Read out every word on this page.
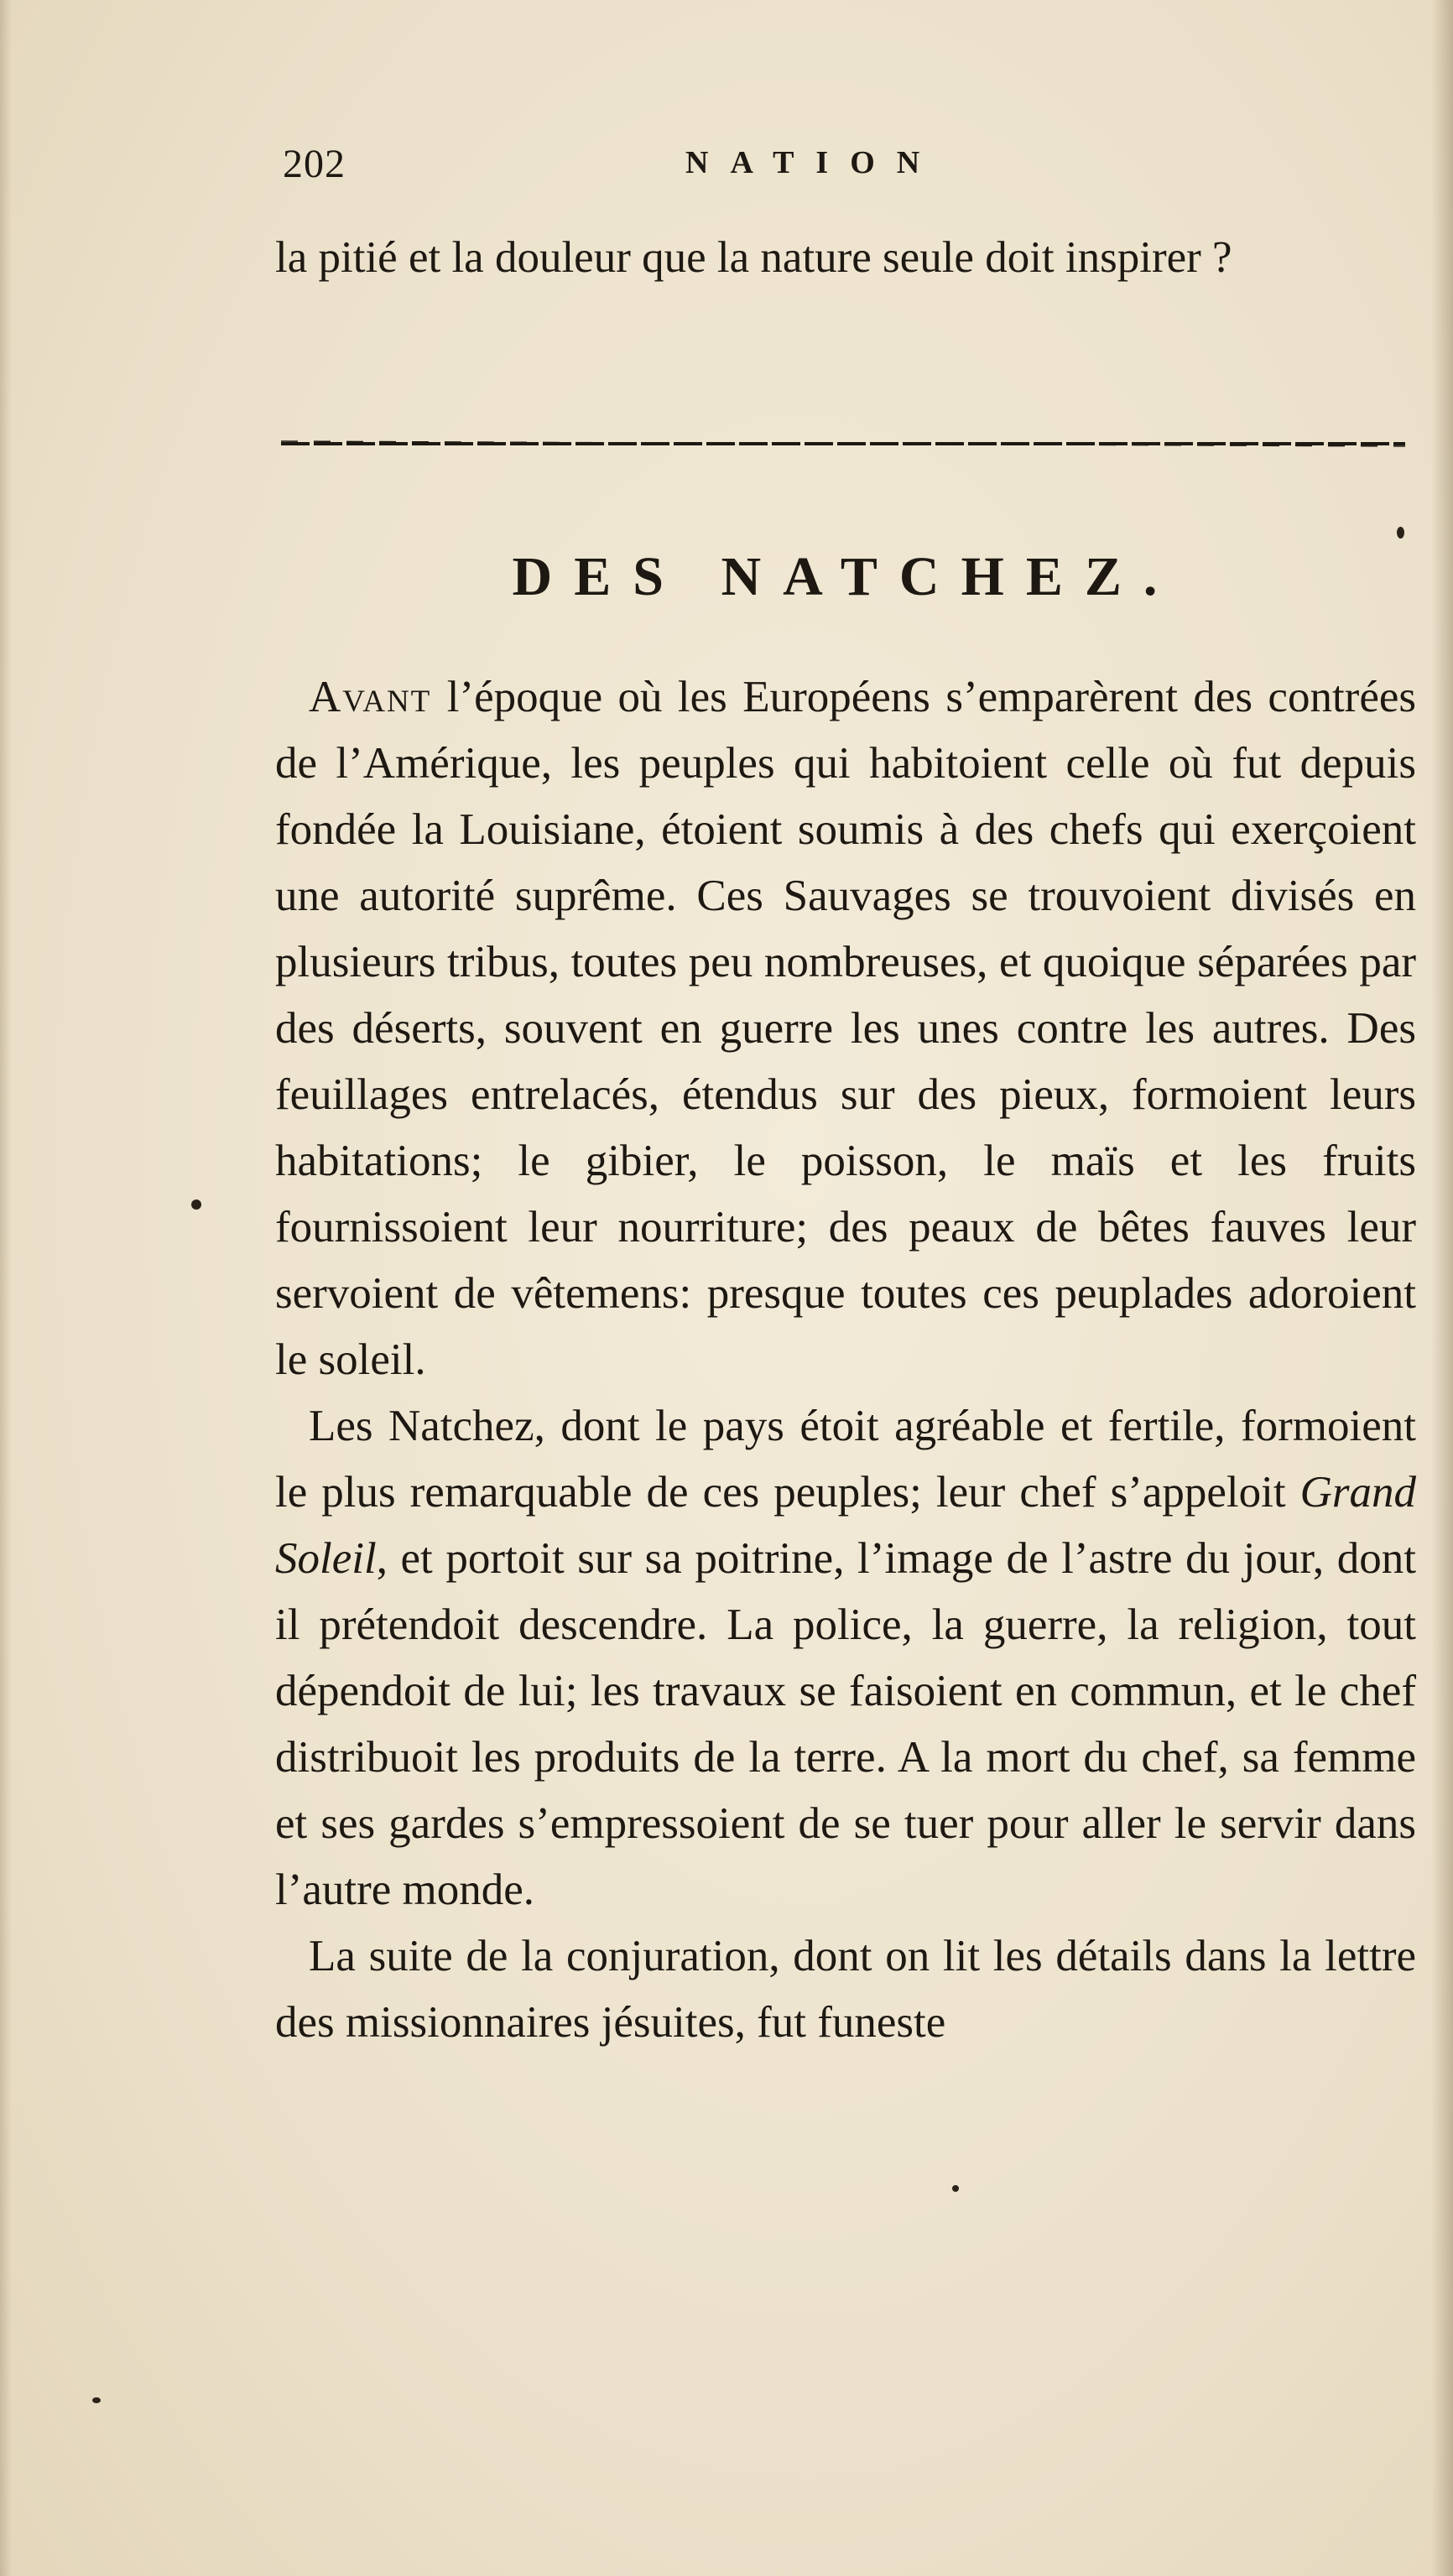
202	NATION
la pitié et la douleur que la nature seule doit inspirer ?
DES NATCHEZ.

Avant l’époque où les Européens s’emparèrent des contrées de l’Amérique, les peuples qui habitoient celle où fut depuis fondée la Louisiane, étoient soumis à des chefs qui exerçoient une autorité suprême. Ces Sauvages se trouvoient divisés en plusieurs tribus, toutes peu nombreuses, et quoique séparées par des déserts, souvent en guerre les unes contre les autres. Des feuillages entrelacés, étendus sur des pieux, formoient leurs habitations; le gibier, le poisson, le maïs et les fruits fournissoient leur nourriture; des peaux de bêtes fauves leur servoient de vêtemens: presque toutes ces peuplades adoroient le soleil.

Les Natchez, dont le pays étoit agréable et fertile, formoient le plus remarquable de ces peuples; leur chef s’appeloit Grand Soleil, et portoit sur sa poitrine, l’image de l’astre du jour, dont il prétendoit descendre. La police, la guerre, la religion, tout dépendoit de lui; les travaux se faisoient en commun, et le chef distribuoit les produits de la terre. A la mort du chef, sa femme et ses gardes s’empressoient de se tuer pour aller le servir dans l’autre monde.

La suite de la conjuration, dont on lit les détails dans la lettre des missionnaires jésuites, fut funeste
